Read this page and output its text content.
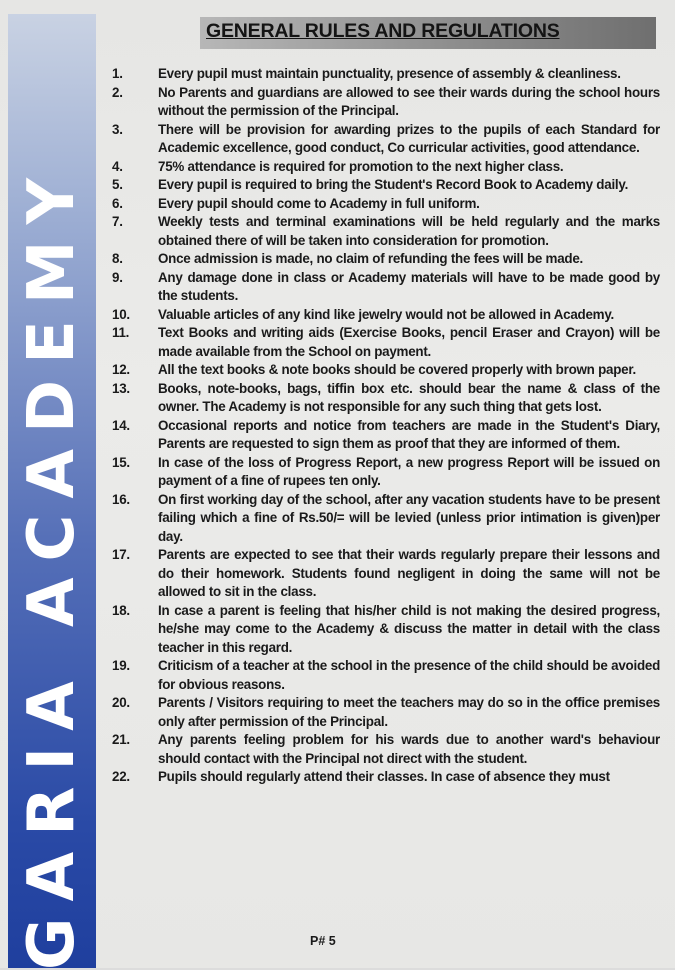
GARIA ACADEMY
GENERAL RULES AND REGULATIONS
1.	Every pupil must maintain punctuality, presence of assembly & cleanliness.
2.	No Parents and guardians are allowed to see their wards during the school hours without the permission of the Principal.
3.	There will be provision for awarding prizes to the pupils of each Standard for Academic excellence, good conduct, Co curricular activities, good attendance.
4.	75% attendance is required for promotion to the next higher class.
5.	Every pupil is required to bring the Student's Record Book to Academy daily.
6.	Every pupil should come to Academy in full uniform.
7.	Weekly tests and terminal examinations will be held regularly and the marks obtained there of will be taken into consideration for promotion.
8.	Once admission is made, no claim of refunding the fees will be made.
9.	Any damage done in class or Academy materials will have to be made good by the students.
10.	Valuable articles of any kind like jewelry would not be allowed in Academy.
11.	Text Books and writing aids (Exercise Books, pencil Eraser and Crayon) will be made available from the School on payment.
12.	All the text books & note books should be covered properly with brown paper.
13.	Books, note-books, bags, tiffin box etc. should bear the name & class of the owner. The Academy is not responsible for any such thing that gets lost.
14.	Occasional reports and notice from teachers are made in the Student's Diary, Parents are requested to sign them as proof that they are informed of them.
15.	In case of the loss of Progress Report, a new progress Report will be issued on payment of a fine of rupees ten only.
16.	On first working day of the school, after any vacation students have to be present failing which a fine of Rs.50/= will be levied (unless prior intimation is given)per day.
17.	Parents are expected to see that their wards regularly prepare their lessons and do their homework. Students found negligent in doing the same will not be allowed to sit in the class.
18.	In case a parent is feeling that his/her child is not making the desired progress, he/she may come to the Academy & discuss the matter in detail with the class teacher in this regard.
19.	Criticism of a teacher at the school in the presence of the child should be avoided for obvious reasons.
20.	Parents / Visitors requiring to meet the teachers may do so in the office premises only after permission of the Principal.
21.	Any parents feeling problem for his wards due to another ward's behaviour should contact with the Principal not direct with the student.
22.	Pupils should regularly attend their classes. In case of absence they must
P# 5
